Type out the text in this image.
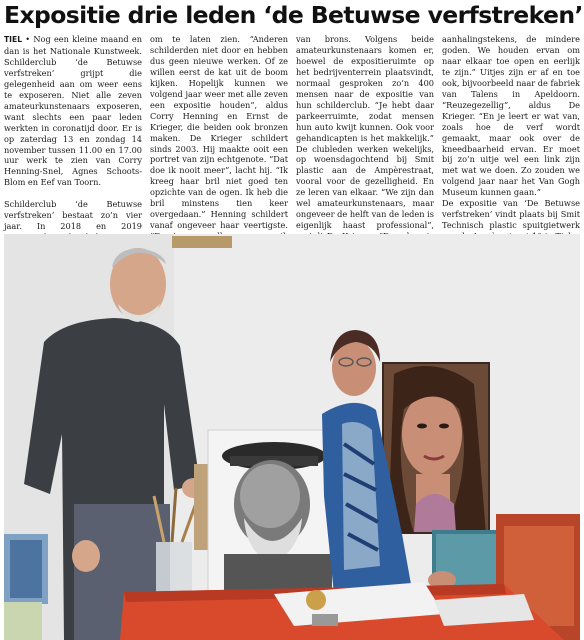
Expositie drie leden ‘de Betuwse verfstreken’

TIEL • Nog een kleine maand en dan is het Nationale Kunstweek. Schilderclub ‘de Betuwse verfstreken’ grijpt die gelegenheid aan om weer eens te exposeren. Niet alle zeven amateurkunstenaars exposeren, want slechts een paar leden werkten in coronatijd door. Er is op zaterdag 13 en zondag 14 november tussen 11.00 en 17.00 uur werk te zien van Corry Henning-Snel, Agnes Schoots-Blom en Eef van Toorn.

Schilderclub ‘de Betuwse verfstreken’ bestaat zo’n vier jaar. In 2018 en 2019

om te laten zien. “Anderen schilderden niet door en hebben dus geen nieuwe werken. Of ze willen eerst de kat uit de boom kijken. Hopelijk kunnen we volgend jaar weer met alle zeven een expositie houden”, aldus Corry Henning en Ernst de Krieger, die beiden ook bronzen maken. De Krieger schildert sinds 2003. Hij maakte ooit een portret van zijn echtgenote. “Dat doe ik nooit meer”, lacht hij. “Ik kreeg haar bril niet goed ten opzichte van de ogen. Ik heb die bril minstens tien keer overgedaan.” Henning schildert vanaf ongeveer haar veertigste.

van brons. Volgens beide amateurkunstenaars komen er, hoewel de expositieruimte op het bedrijventerrein plaatsvindt, normaal gesproken zo’n 400 mensen naar de expositie van hun schilderclub. “Je hebt daar parkeerruimte, zodat mensen hun auto kwijt kunnen. Ook voor gehandicapten is het makkelijk.” De clubleden werken wekelijks, op woensdagochtend bij Smit plastic aan de Ampèrestraat, vooral voor de gezelligheid. En ze leren van elkaar. “We zijn dan wel amateurkunstenaars, maar ongeveer de helft van de leden is eigenlijk haast professional”,

aanhalingstekens, de mindere goden. We houden ervan om naar elkaar toe open en eerlijk te zijn.” Uitjes zijn er af en toe ook, bijvoorbeeld naar de fabriek van Talens in Apeldoorn. “Reuzegezellig”, aldus De Krieger. “En je leert er wat van, zoals hoe de verf wordt gemaakt, maar ook over de kneedbaarheid ervan. Er moet bij zo’n uitje wel een link zijn met wat we doen. Zo zouden we volgend jaar naar het Van Gogh Museum kunnen gaan.”

De expositie van ‘De Betuwse verfstreken’ vindt plaats bij Smit Technisch plastic spuitgietwerk
